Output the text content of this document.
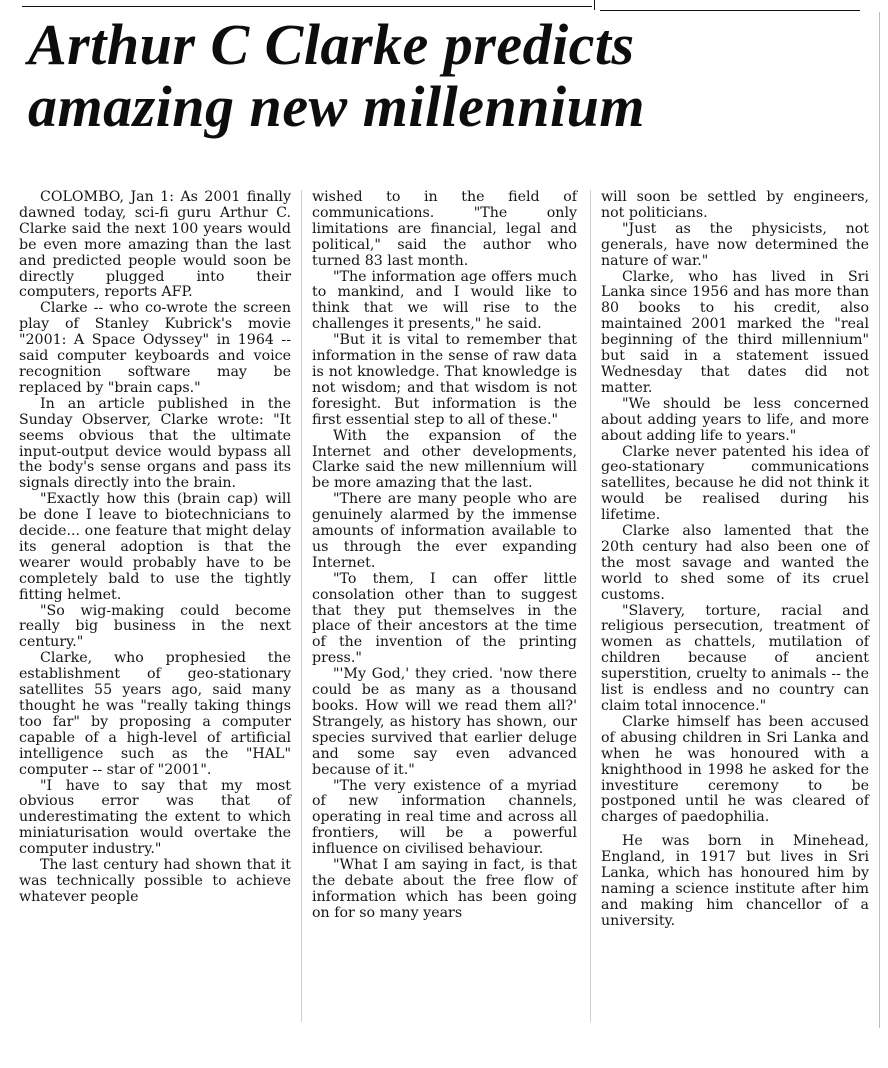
Arthur C Clarke predicts
amazing new millennium

COLOMBO, Jan 1: As 2001 finally dawned today, sci-fi guru Arthur C. Clarke said the next 100 years would be even more amazing than the last and predicted people would soon be directly plugged into their computers, reports AFP.

Clarke -- who co-wrote the screen play of Stanley Kubrick's movie "2001: A Space Odyssey" in 1964 -- said computer keyboards and voice recognition software may be replaced by "brain caps."

In an article published in the Sunday Observer, Clarke wrote: "It seems obvious that the ultimate input-output device would bypass all the body's sense organs and pass its signals directly into the brain.

"Exactly how this (brain cap) will be done I leave to biotechnicians to decide... one feature that might delay its general adoption is that the wearer would probably have to be completely bald to use the tightly fitting helmet.

"So wig-making could become really big business in the next century."

Clarke, who prophesied the establishment of geo-stationary satellites 55 years ago, said many thought he was "really taking things too far" by proposing a computer capable of a high-level of artificial intelligence such as the "HAL" computer -- star of "2001".

"I have to say that my most obvious error was that of underestimating the extent to which miniaturisation would overtake the computer industry."

The last century had shown that it was technically possible to achieve whatever people

wished to in the field of communications. "The only limitations are financial, legal and political," said the author who turned 83 last month.

"The information age offers much to mankind, and I would like to think that we will rise to the challenges it presents," he said.

"But it is vital to remember that information in the sense of raw data is not knowledge. That knowledge is not wisdom; and that wisdom is not foresight. But information is the first essential step to all of these."

With the expansion of the Internet and other developments, Clarke said the new millennium will be more amazing that the last.

"There are many people who are genuinely alarmed by the immense amounts of information available to us through the ever expanding Internet.

"To them, I can offer little consolation other than to suggest that they put themselves in the place of their ancestors at the time of the invention of the printing press."

"'My God,' they cried. 'now there could be as many as a thousand books. How will we read them all?' Strangely, as history has shown, our species survived that earlier deluge and some say even advanced because of it."

"The very existence of a myriad of new information channels, operating in real time and across all frontiers, will be a powerful influence on civilised behaviour.

"What I am saying in fact, is that the debate about the free flow of information which has been going on for so many years

will soon be settled by engineers, not politicians.

"Just as the physicists, not generals, have now determined the nature of war."

Clarke, who has lived in Sri Lanka since 1956 and has more than 80 books to his credit, also maintained 2001 marked the "real beginning of the third millennium" but said in a statement issued Wednesday that dates did not matter.

"We should be less concerned about adding years to life, and more about adding life to years."

Clarke never patented his idea of geo-stationary communications satellites, because he did not think it would be realised during his lifetime.

Clarke also lamented that the 20th century had also been one of the most savage and wanted the world to shed some of its cruel customs.

"Slavery, torture, racial and religious persecution, treatment of women as chattels, mutilation of children because of ancient superstition, cruelty to animals -- the list is endless and no country can claim total innocence."

Clarke himself has been accused of abusing children in Sri Lanka and when he was honoured with a knighthood in 1998 he asked for the investiture ceremony to be postponed until he was cleared of charges of paedophilia.

He was born in Minehead, England, in 1917 but lives in Sri Lanka, which has honoured him by naming a science institute after him and making him chancellor of a university.
